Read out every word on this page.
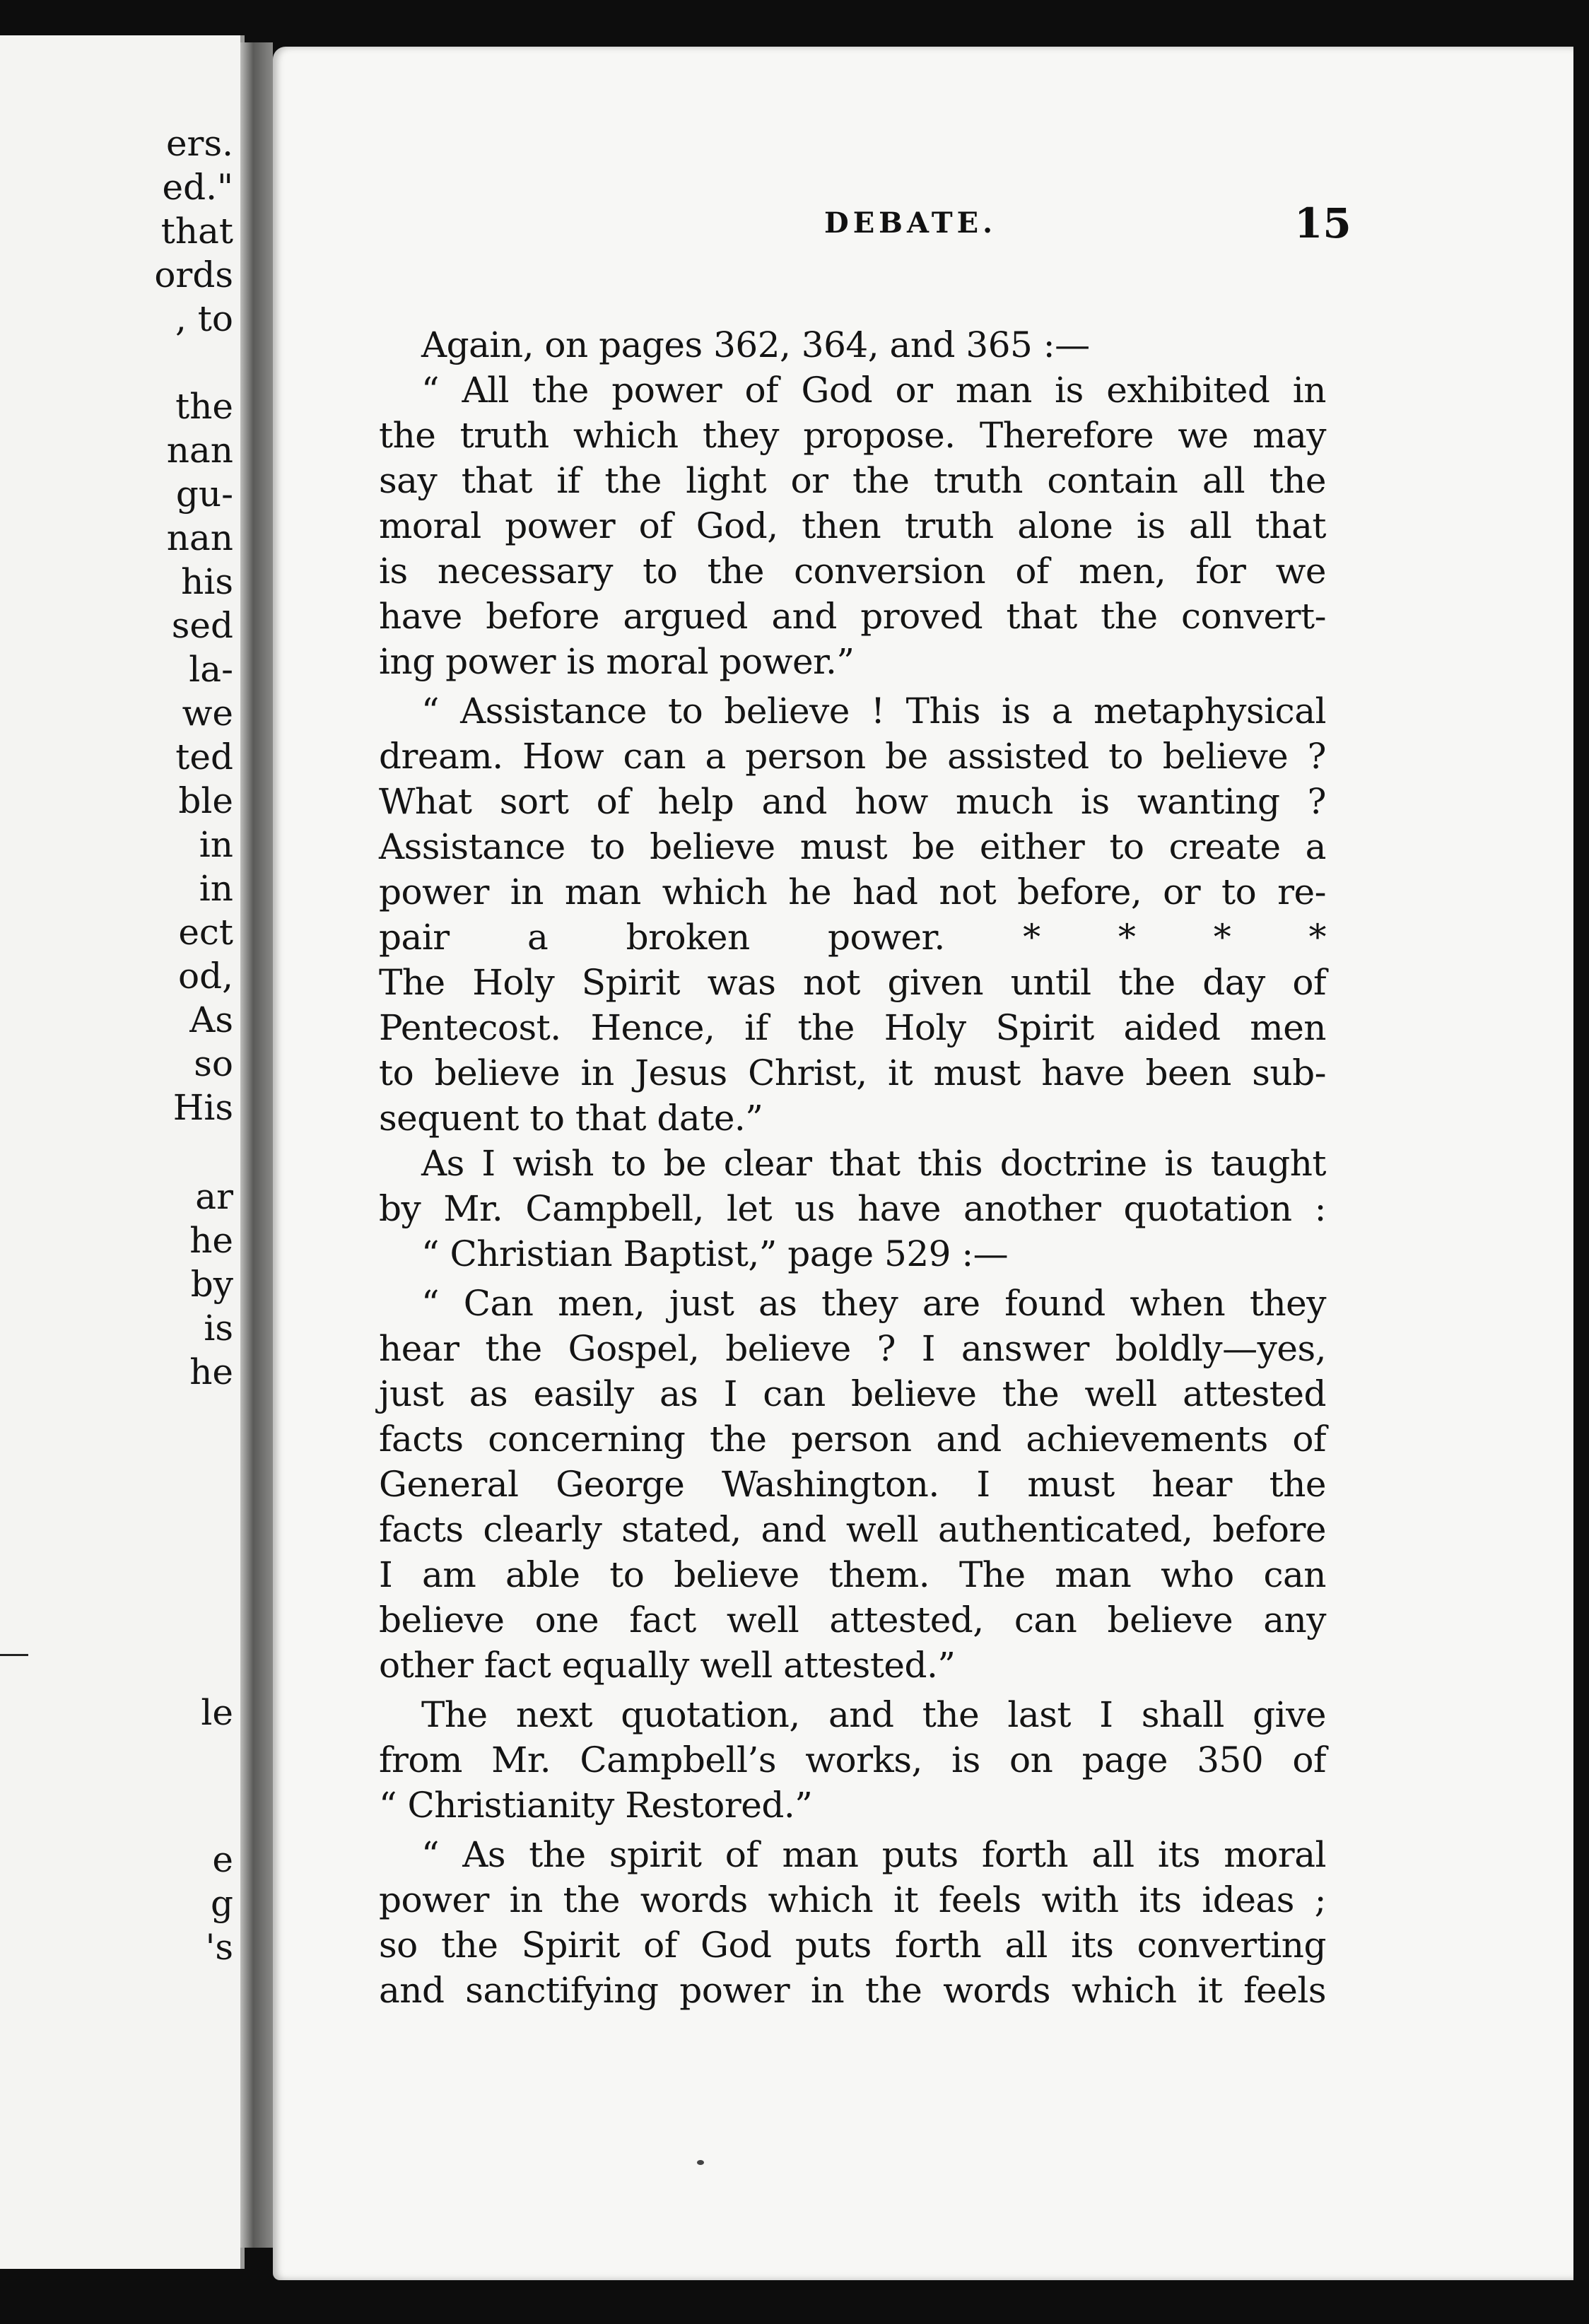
ers.
ed."
that
ords
, to
the
nan
gu-
nan
his
sed
la-
we
ted
ble
in
in
ect
od,
As
so
His
ar
he
by
is
he
le
e
g
's
DEBATE.	15
Again, on pages 362, 364, and 365 :—
“ All the power of God or man is exhibited in
the truth which they propose. Therefore we may
say that if the light or the truth contain all the
moral power of God, then truth alone is all that
is necessary to the conversion of men, for we
have before argued and proved that the convert-
ing power is moral power.”
“ Assistance to believe ! This is a metaphysical
dream. How can a person be assisted to believe ?
What sort of help and how much is wanting ?
Assistance to believe must be either to create a
power in man which he had not before, or to re-
pair a broken power. * * * *
The Holy Spirit was not given until the day of
Pentecost. Hence, if the Holy Spirit aided men
to believe in Jesus Christ, it must have been sub-
sequent to that date.”
As I wish to be clear that this doctrine is taught
by Mr. Campbell, let us have another quotation :
“ Christian Baptist,” page 529 :—
“ Can men, just as they are found when they
hear the Gospel, believe ? I answer boldly—yes,
just as easily as I can believe the well attested
facts concerning the person and achievements of
General George Washington. I must hear the
facts clearly stated, and well authenticated, before
I am able to believe them. The man who can
believe one fact well attested, can believe any
other fact equally well attested.”
The next quotation, and the last I shall give
from Mr. Campbell’s works, is on page 350 of
“ Christianity Restored.”
“ As the spirit of man puts forth all its moral
power in the words which it feels with its ideas ;
so the Spirit of God puts forth all its converting
and sanctifying power in the words which it feels
